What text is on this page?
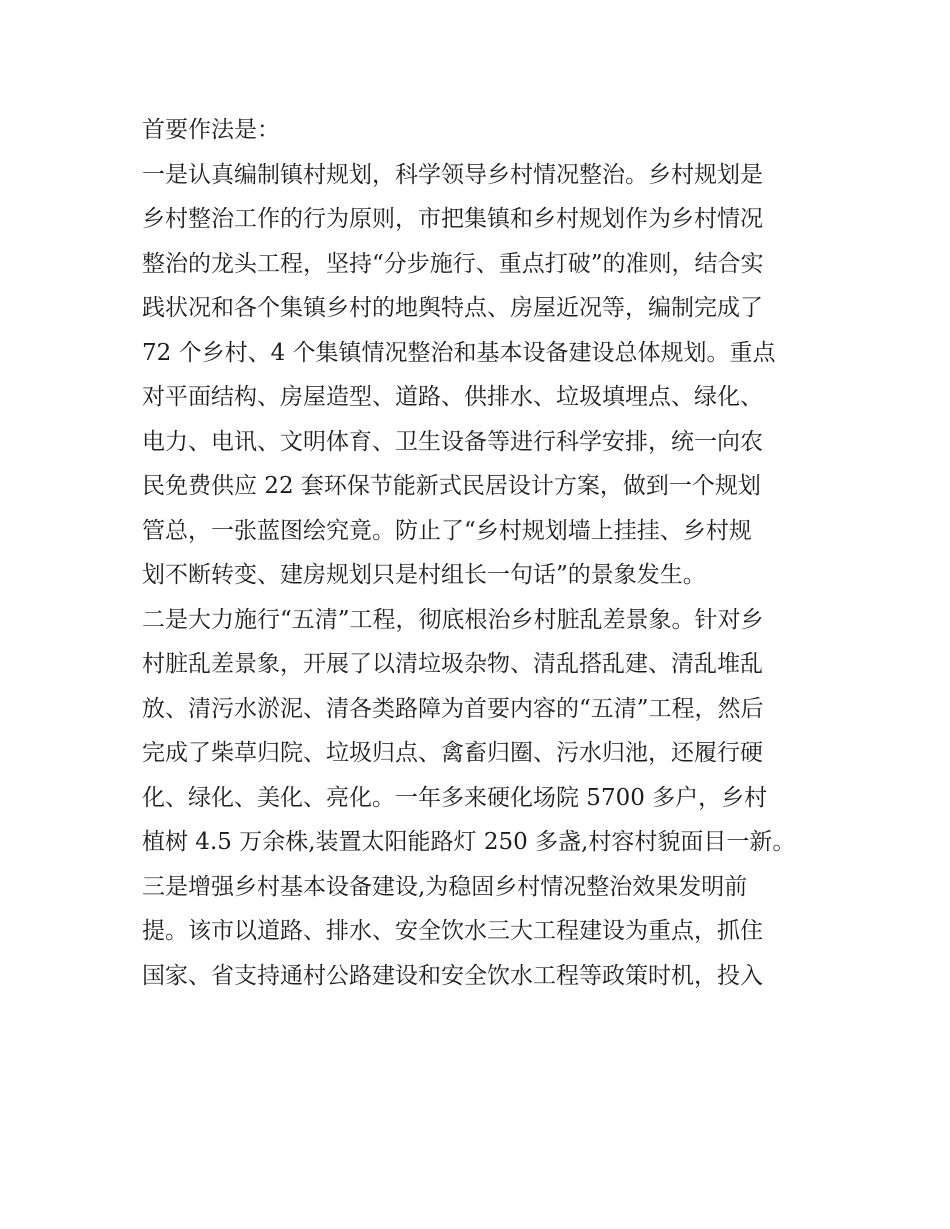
首要作法是：
一是认真编制镇村规划，科学领导乡村情况整治。乡村规划是
乡村整治工作的行为原则，市把集镇和乡村规划作为乡村情况
整治的龙头工程，坚持“分步施行、重点打破”的准则，结合实
践状况和各个集镇乡村的地舆特点、房屋近况等，编制完成了
72 个乡村、4 个集镇情况整治和基本设备建设总体规划。重点
对平面结构、房屋造型、道路、供排水、垃圾填埋点、绿化、
电力、电讯、文明体育、卫生设备等进行科学安排，统一向农
民免费供应 22 套环保节能新式民居设计方案，做到一个规划
管总，一张蓝图绘究竟。防止了“乡村规划墙上挂挂、乡村规
划不断转变、建房规划只是村组长一句话”的景象发生。
二是大力施行“五清”工程，彻底根治乡村脏乱差景象。针对乡
村脏乱差景象，开展了以清垃圾杂物、清乱搭乱建、清乱堆乱
放、清污水淤泥、清各类路障为首要内容的“五清”工程，然后
完成了柴草归院、垃圾归点、禽畜归圈、污水归池，还履行硬
化、绿化、美化、亮化。一年多来硬化场院 5700 多户，乡村
植树 4.5 万余株,装置太阳能路灯 250 多盏,村容村貌面目一新。
三是增强乡村基本设备建设,为稳固乡村情况整治效果发明前
提。该市以道路、排水、安全饮水三大工程建设为重点，抓住
国家、省支持通村公路建设和安全饮水工程等政策时机，投入
